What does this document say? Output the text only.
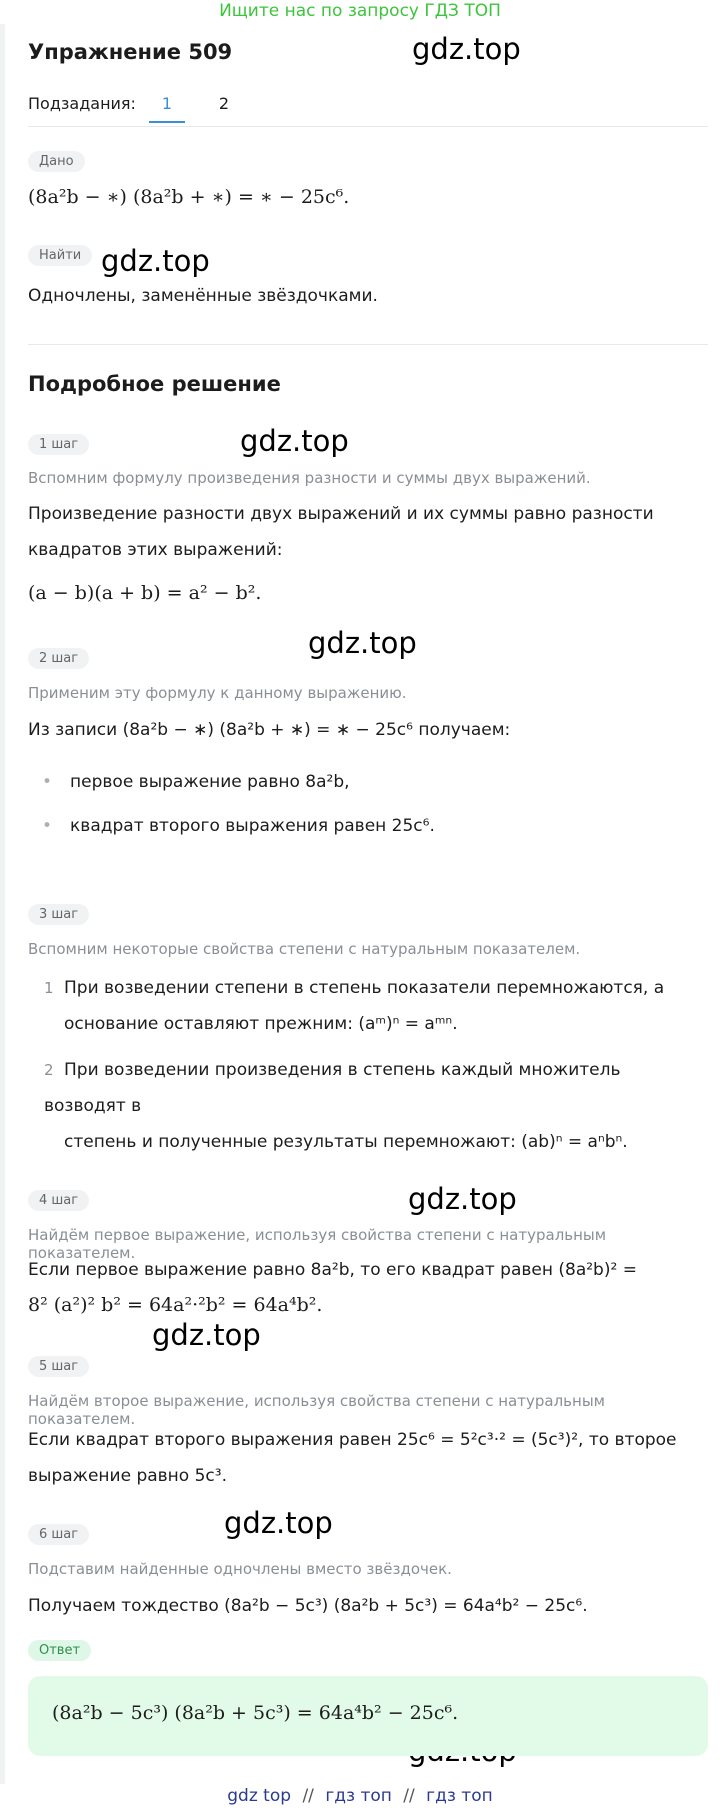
Ищите нас по запросу ГДЗ ТОП
gdz.top
gdz.top
gdz.top
gdz.top
gdz.top
gdz.top
gdz.top
Упражнение 509
Подзадания:	1	2
Дано
(8a²b − ∗) (8a²b + ∗) = ∗ − 25c⁶.
Найти
Одночлены, заменённые звёздочками.
Подробное решение
1 шаг
Вспомним формулу произведения разности и суммы двух выражений.
Произведение разности двух выражений и их суммы равно разности квадратов этих выражений:
(a − b)(a + b) = a² − b².
2 шаг
Применим эту формулу к данному выражению.
Из записи (8a²b − ∗) (8a²b + ∗) = ∗ − 25c⁶ получаем:
• первое выражение равно 8a²b,
• квадрат второго выражения равен 25c⁶.
3 шаг
Вспомним некоторые свойства степени с натуральным показателем.
1 При возведении степени в степень показатели перемножаются, а
основание оставляют прежним: (aᵐ)ⁿ = aᵐⁿ.
2 При возведении произведения в степень каждый множитель возводят в
степень и полученные результаты перемножают: (ab)ⁿ = aⁿbⁿ.
4 шаг
Найдём первое выражение, используя свойства степени с натуральным показателем.
Если первое выражение равно 8a²b, то его квадрат равен (8a²b)² =
8² (a²)² b² = 64a²·²b² = 64a⁴b².
5 шаг
Найдём второе выражение, используя свойства степени с натуральным показателем.
Если квадрат второго выражения равен 25c⁶ = 5²c³·² = (5c³)², то второе
выражение равно 5c³.
6 шаг
Подставим найденные одночлены вместо звёздочек.
Получаем тождество (8a²b − 5c³) (8a²b + 5c³) = 64a⁴b² − 25c⁶.
Ответ
(8a²b − 5c³) (8a²b + 5c³) = 64a⁴b² − 25c⁶.
gdz top // гдз топ // гдз топ
